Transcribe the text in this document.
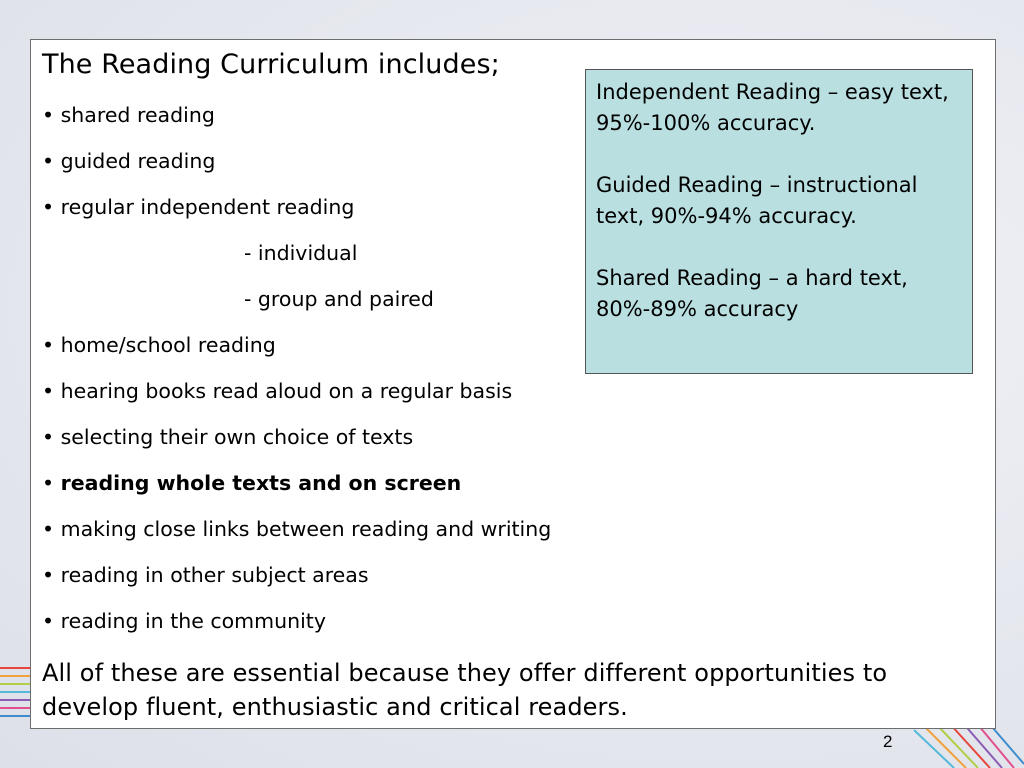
The Reading Curriculum includes;
• shared reading
• guided reading
• regular independent reading
- individual
- group and paired
• home/school reading
• hearing books read aloud on a regular basis
• selecting their own choice of texts
• reading whole texts and on screen
• making close links between reading and writing
• reading in other subject areas
• reading in the community

All of these are essential because they offer different opportunities to develop fluent, enthusiastic and critical readers.

Independent Reading – easy text, 95%-100% accuracy.

Guided Reading – instructional text, 90%-94% accuracy.

Shared Reading – a hard text, 80%-89% accuracy

2
